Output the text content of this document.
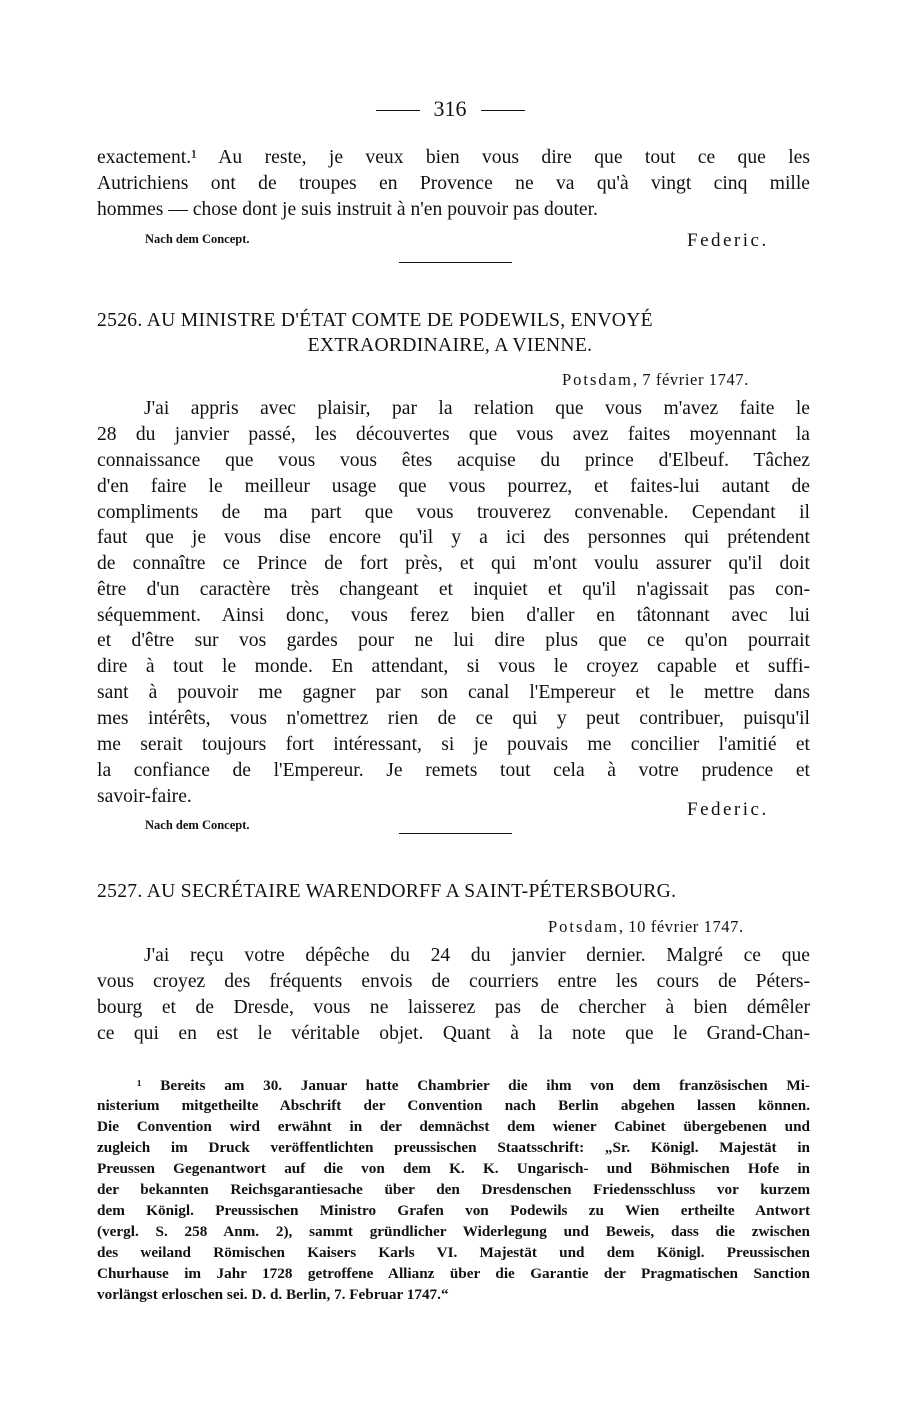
316
exactement.¹ Au reste, je veux bien vous dire que tout ce que les
Autrichiens ont de troupes en Provence ne va qu'à vingt cinq mille
hommes — chose dont je suis instruit à n'en pouvoir pas douter.
Nach dem Concept.	Federic.
2526. AU MINISTRE D'ÉTAT COMTE DE PODEWILS, ENVOYÉ
EXTRAORDINAIRE, A VIENNE.
Potsdam, 7 février 1747.
J'ai appris avec plaisir, par la relation que vous m'avez faite le
28 du janvier passé, les découvertes que vous avez faites moyennant la
connaissance que vous vous êtes acquise du prince d'Elbeuf. Tâchez
d'en faire le meilleur usage que vous pourrez, et faites-lui autant de
compliments de ma part que vous trouverez convenable. Cependant il
faut que je vous dise encore qu'il y a ici des personnes qui prétendent
de connaître ce Prince de fort près, et qui m'ont voulu assurer qu'il doit
être d'un caractère très changeant et inquiet et qu'il n'agissait pas con-
séquemment. Ainsi donc, vous ferez bien d'aller en tâtonnant avec lui
et d'être sur vos gardes pour ne lui dire plus que ce qu'on pourrait
dire à tout le monde. En attendant, si vous le croyez capable et suffi-
sant à pouvoir me gagner par son canal l'Empereur et le mettre dans
mes intérêts, vous n'omettrez rien de ce qui y peut contribuer, puisqu'il
me serait toujours fort intéressant, si je pouvais me concilier l'amitié et
la confiance de l'Empereur. Je remets tout cela à votre prudence et
savoir-faire.
Federic.
Nach dem Concept.
2527. AU SECRÉTAIRE WARENDORFF A SAINT-PÉTERSBOURG.
Potsdam, 10 février 1747.
J'ai reçu votre dépêche du 24 du janvier dernier. Malgré ce que
vous croyez des fréquents envois de courriers entre les cours de Péters-
bourg et de Dresde, vous ne laisserez pas de chercher à bien démêler
ce qui en est le véritable objet. Quant à la note que le Grand-Chan-
¹ Bereits am 30. Januar hatte Chambrier die ihm von dem französischen Mi-
nisterium mitgetheilte Abschrift der Convention nach Berlin abgehen lassen können.
Die Convention wird erwähnt in der demnächst dem wiener Cabinet übergebenen und
zugleich im Druck veröffentlichten preussischen Staatsschrift: „Sr. Königl. Majestät in
Preussen Gegenantwort auf die von dem K. K. Ungarisch- und Böhmischen Hofe in
der bekannten Reichsgarantiesache über den Dresdenschen Friedensschluss vor kurzem
dem Königl. Preussischen Ministro Grafen von Podewils zu Wien ertheilte Antwort
(vergl. S. 258 Anm. 2), sammt gründlicher Widerlegung und Beweis, dass die zwischen
des weiland Römischen Kaisers Karls VI. Majestät und dem Königl. Preussischen
Churhause im Jahr 1728 getroffene Allianz über die Garantie der Pragmatischen Sanction
vorlängst erloschen sei. D. d. Berlin, 7. Februar 1747.“
